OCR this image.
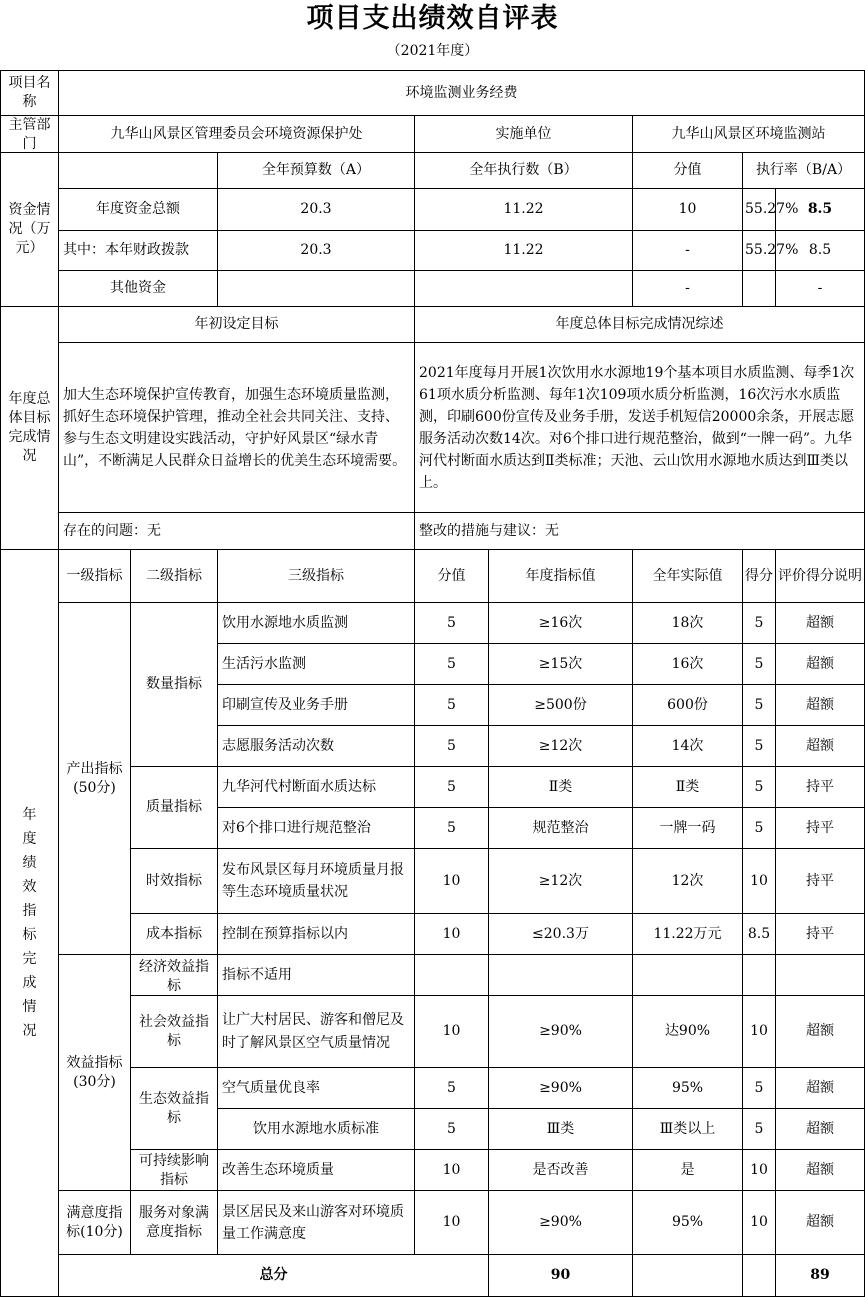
项目支出绩效自评表
（2021年度）
项目名称	环境监测业务经费								

主管部门	九华山风景区管理委员会环境资源保护处			实施单位		九华山风景区环境监测站			
资金情况（万元）			全年预算数（A）	全年执行数（B）		分值	执行率（B/A）		
	年度资金总额		20.3	11.22		10	55.27%	8.5	

	其中：本年财政拨款		20.3	11.22		-	55.27%	8.5	
	其他资金					-		-	
年度总体目标完成情况	年初设定目标			年度总体目标完成情况综述					
	加大生态环境保护宣传教育，加强生态环境质量监测，抓好生态环境保护管理，推动全社会共同关注、支持、参与生态文明建设实践活动，守护好风景区“绿水青山”，不断满足人民群众日益增长的优美生态环境需要。			2021年度每月开展1次饮用水水源地19个基本项目水质监测、每季1次61项水质分析监测、每年1次109项水质分析监测，16次污水水质监测，印刷600份宣传及业务手册，发送手机短信20000余条，开展志愿服务活动次数14次。对6个排口进行规范整治，做到“一牌一码”。九华河代村断面水质达到Ⅱ类标准；天池、云山饮用水源地水质达到Ⅲ类以上。					
	存在的问题：无			整改的措施与建议：无					

年度绩效指标完成情况	一级指标	二级指标	三级指标	分值	年度指标值	全年实际值	得分	评价得分说明	
	产出指标(50分)	数量指标	饮用水源地水质监测	5	≥16次	18次	5	超额	
			生活污水监测	5	≥15次	16次	5	超额	
			印刷宣传及业务手册	5	≥500份	600份	5	超额	
			志愿服务活动次数	5	≥12次	14次	5	超额	
		质量指标	九华河代村断面水质达标	5	Ⅱ类	Ⅱ类	5	持平	
			对6个排口进行规范整治	5	规范整治	一牌一码	5	持平	
		时效指标	发布风景区每月环境质量月报等生态环境质量状况	10	≥12次	12次	10	持平	
		成本指标	控制在预算指标以内	10	≤20.3万	11.22万元	8.5	持平	
	效益指标(30分)	经济效益指标	指标不适用						
		社会效益指标	让广大村居民、游客和僧尼及时了解风景区空气质量情况	10	≥90%	达90%	10	超额	
		生态效益指标	空气质量优良率	5	≥90%	95%	5	超额	
			饮用水源地水质标准	5	Ⅲ类	Ⅲ类以上	5	超额	

		可持续影响指标	改善生态环境质量	10	是否改善	是	10	超额	

	满意度指标(10分)	服务对象满意度指标	景区居民及来山游客对环境质量工作满意度	10	≥90%	95%	10	超额	
	总分				90			89	
